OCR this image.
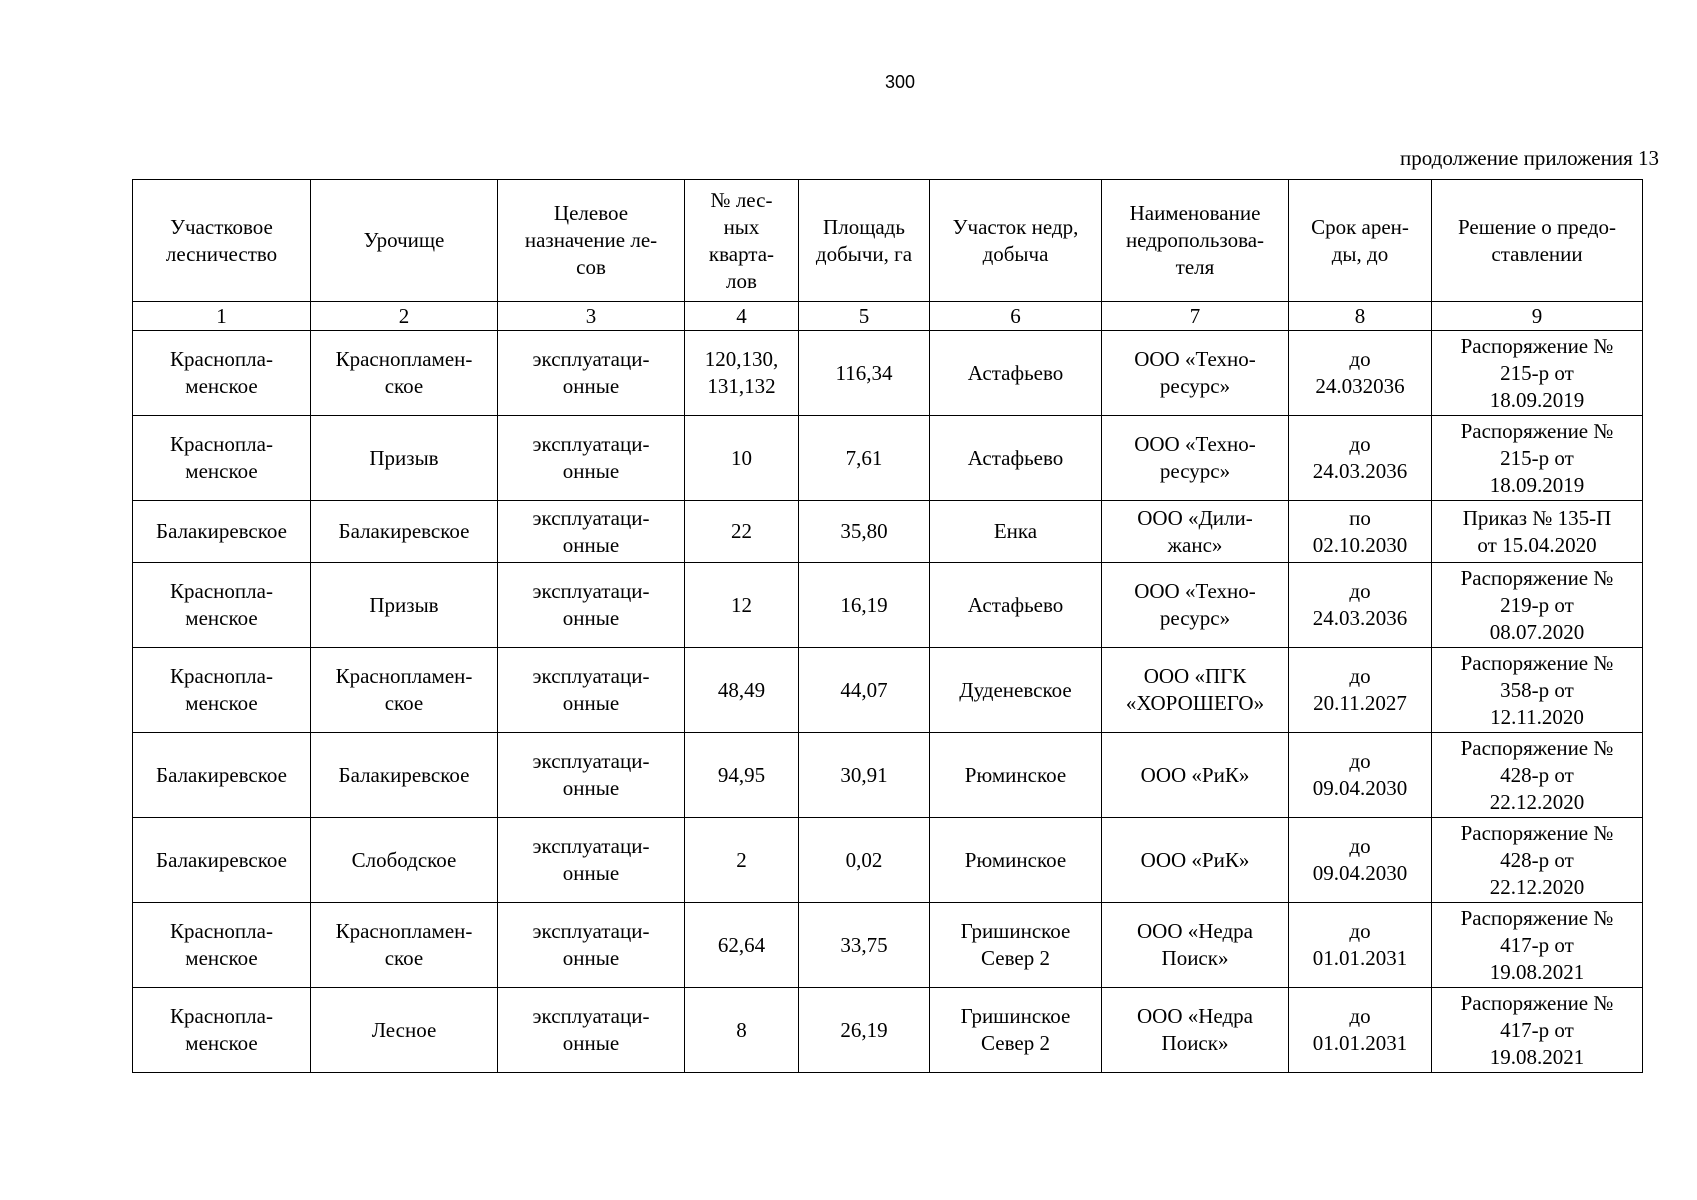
300
продолжение приложения 13
Участковое
лесничество	Урочище	Целевое
назначение ле-
сов	№ лес-
ных
кварта-
лов	Площадь
добычи, га	Участок недр,
добыча	Наименование
недропользова-
теля	Срок арен-
ды, до	Решение о предо-
ставлении

1	2	3	4	5	6	7	8	9

Краснопла-
менское	Краснопламен-
ское	эксплуатаци-
онные	120,130,
131,132	116,34	Астафьево	ООО «Техно-
ресурс»	до
24.032036	Распоряжение №
215-р от
18.09.2019

Краснопла-
менское	Призыв	эксплуатаци-
онные	10	7,61	Астафьево	ООО «Техно-
ресурс»	до
24.03.2036	Распоряжение №
215-р от
18.09.2019

Балакиревское	Балакиревское	эксплуатаци-
онные	22	35,80	Енка	ООО «Дили-
жанс»	по
02.10.2030	Приказ № 135-П
от 15.04.2020

Краснопла-
менское	Призыв	эксплуатаци-
онные	12	16,19	Астафьево	ООО «Техно-
ресурс»	до
24.03.2036	Распоряжение №
219-р от
08.07.2020

Краснопла-
менское	Краснопламен-
ское	эксплуатаци-
онные	48,49	44,07	Дуденевское	ООО «ПГК
«ХОРОШЕГО»	до
20.11.2027	Распоряжение №
358-р от
12.11.2020

Балакиревское	Балакиревское	эксплуатаци-
онные	94,95	30,91	Рюминское	ООО «РиК»	до
09.04.2030	Распоряжение №
428-р от
22.12.2020

Балакиревское	Слободское	эксплуатаци-
онные	2	0,02	Рюминское	ООО «РиК»	до
09.04.2030	Распоряжение №
428-р от
22.12.2020

Краснопла-
менское	Краснопламен-
ское	эксплуатаци-
онные	62,64	33,75	Гришинское
Север 2	ООО «Недра
Поиск»	до
01.01.2031	Распоряжение №
417-р от
19.08.2021

Краснопла-
менское	Лесное	эксплуатаци-
онные	8	26,19	Гришинское
Север 2	ООО «Недра
Поиск»	до
01.01.2031	Распоряжение №
417-р от
19.08.2021
